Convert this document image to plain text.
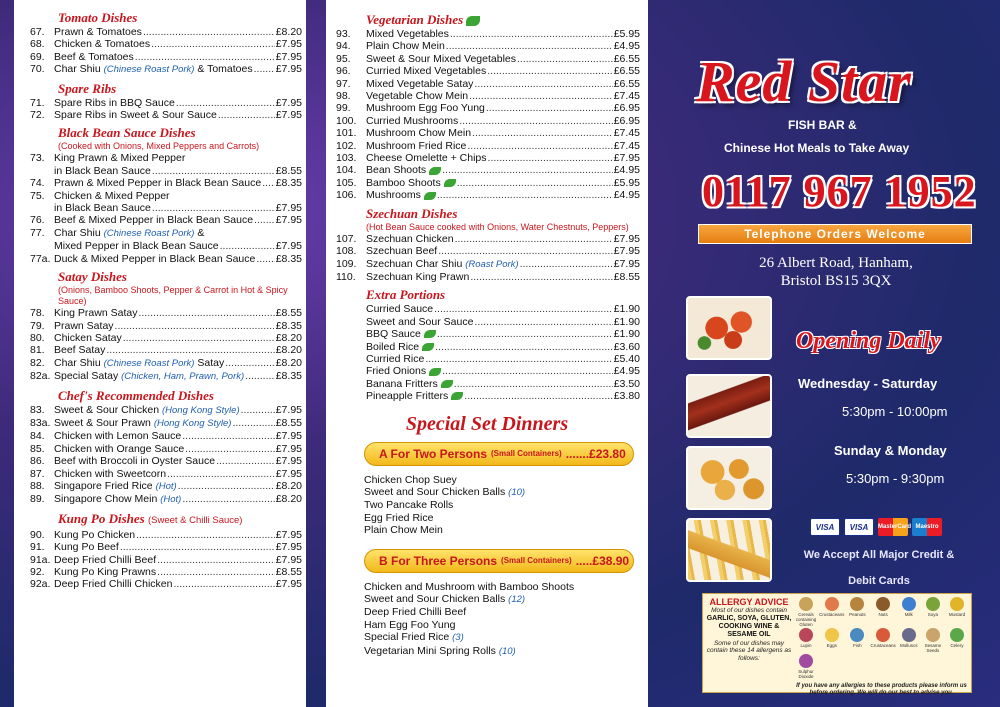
Tomato Dishes
67. Prawn & Tomatoes .....	£8.20
68. Chicken & Tomatoes .....	£7.95
69. Beef & Tomatoes .....	£7.95
70. Char Shiu (Chinese Roast Pork) & Tomatoes ..... £7.95
Spare Ribs
71. Spare Ribs in BBQ Sauce .....	£7.95
72. Spare Ribs in Sweet & Sour Sauce .....	£7.95
Black Bean Sauce Dishes
(Cooked with Onions, Mixed Peppers and Carrots)
73. King Prawn & Mixed Pepper
in Black Bean Sauce .....	£8.55
74. Prawn & Mixed Pepper in Black Bean Sauce ..... £8.35
75. Chicken & Mixed Pepper
in Black Bean Sauce .....	£7.95
76. Beef & Mixed Pepper in Black Bean Sauce ..... £7.95
77. Char Shiu (Chinese Roast Pork) &
Mixed Pepper in Black Bean Sauce .....	£7.95
77a. Duck & Mixed Pepper in Black Bean Sauce ..... £8.35
Satay Dishes
(Onions, Bamboo Shoots, Pepper & Carrot in Hot & Spicy Sauce)
78. King Prawn Satay .....	£8.55
79. Prawn Satay .....	£8.35
80. Chicken Satay .....	£8.20
81. Beef Satay .....	£8.20
82. Char Shiu (Chinese Roast Pork) Satay .....	£8.20
82a. Special Satay (Chicken, Ham, Prawn, Pork) .....	£8.35
Chef's Recommended Dishes
83. Sweet & Sour Chicken (Hong Kong Style) .....	£7.95
83a. Sweet & Sour Prawn (Hong Kong Style) .....	£8.55
84. Chicken with Lemon Sauce .....	£7.95
85. Chicken with Orange Sauce .....	£7.95
86. Beef with Broccoli in Oyster Sauce .....	£7.95
87. Chicken with Sweetcorn .....	£7.95
88. Singapore Fried Rice (Hot) .....	£8.20
89. Singapore Chow Mein (Hot) .....	£8.20
Kung Po Dishes (Sweet & Chilli Sauce)
90. Kung Po Chicken .....	£7.95
91. Kung Po Beef .....	£7.95
91a. Deep Fried Chilli Beef .....	£7.95
92. Kung Po King Prawns .....	£8.55
92a. Deep Fried Chilli Chicken .....	£7.95
Vegetarian Dishes
93.	Mixed Vegetables .....	£5.95
94.	Plain Chow Mein .....	£4.95
95.	Sweet & Sour Mixed Vegetables .....	£6.55
96.	Curried Mixed Vegetables .....	£6.55
97.	Mixed Vegetable Satay .....	£6.55
98.	Vegetable Chow Mein .....	£7.45
99.	Mushroom Egg Foo Yung .....	£6.95
100. Curried Mushrooms .....	£6.95
101. Mushroom Chow Mein .....	£7.45
102. Mushroom Fried Rice .....	£7.45
103. Cheese Omelette + Chips .....	£7.95
104. Bean Shoots .....	£4.95
105. Bamboo Shoots .....	£5.95
106. Mushrooms .....	£4.95
Szechuan Dishes
(Hot Bean Sauce cooked with Onions, Water Chestnuts, Peppers)
107. Szechuan Chicken .....	£7.95
108. Szechuan Beef .....	£7.95
109. Szechuan Char Shiu (Roast Pork) .....	£7.95
110. Szechuan King Prawn .....	£8.55
Extra Portions
Curried Sauce .....	£1.90
Sweet and Sour Sauce .....	£1.90
BBQ Sauce .....	£1.90
Boiled Rice .....	£3.60
Curried Rice .....	£5.40
Fried Onions .....	£4.95
Banana Fritters .....	£3.50
Pineapple Fritters .....	£3.80
Special Set Dinners
A For Two Persons (Small Containers) ....... £23.80
Chicken Chop Suey
Sweet and Sour Chicken Balls (10)
Two Pancake Rolls
Egg Fried Rice
Plain Chow Mein
B For Three Persons (Small Containers) ..... £38.90
Chicken and Mushroom with Bamboo Shoots
Sweet and Sour Chicken Balls (12)
Deep Fried Chilli Beef
Ham Egg Foo Yung
Special Fried Rice (3)
Vegetarian Mini Spring Rolls (10)
Red Star
FISH BAR &
Chinese Hot Meals to Take Away
0117 967 1952
Telephone Orders Welcome
26 Albert Road, Hanham,
Bristol BS15 3QX
Opening Daily
Wednesday - Saturday
5:30pm - 10:00pm
Sunday & Monday
5:30pm - 9:30pm
VISA	VISA	MasterCard Maestro
We Accept All Major Credit &
Debit Cards
ALLERGY ADVICE
Most of our dishes contain
GARLIC, SOYA, GLUTEN, COOKING WINE & SESAME OIL
Some of our dishes may contain these 14 allergens as follows:
Cereals containing Gluten
Crustaceans	Peanuts	Nuts	Milk	Soya	Mustard
Lupin	Eggs	Fish	Crustaceans Molluscs	Sesame Seeds
Celery
Sulphur Dioxide
If you have any allergies to these products please inform us before ordering. We will do our best to advise you.
